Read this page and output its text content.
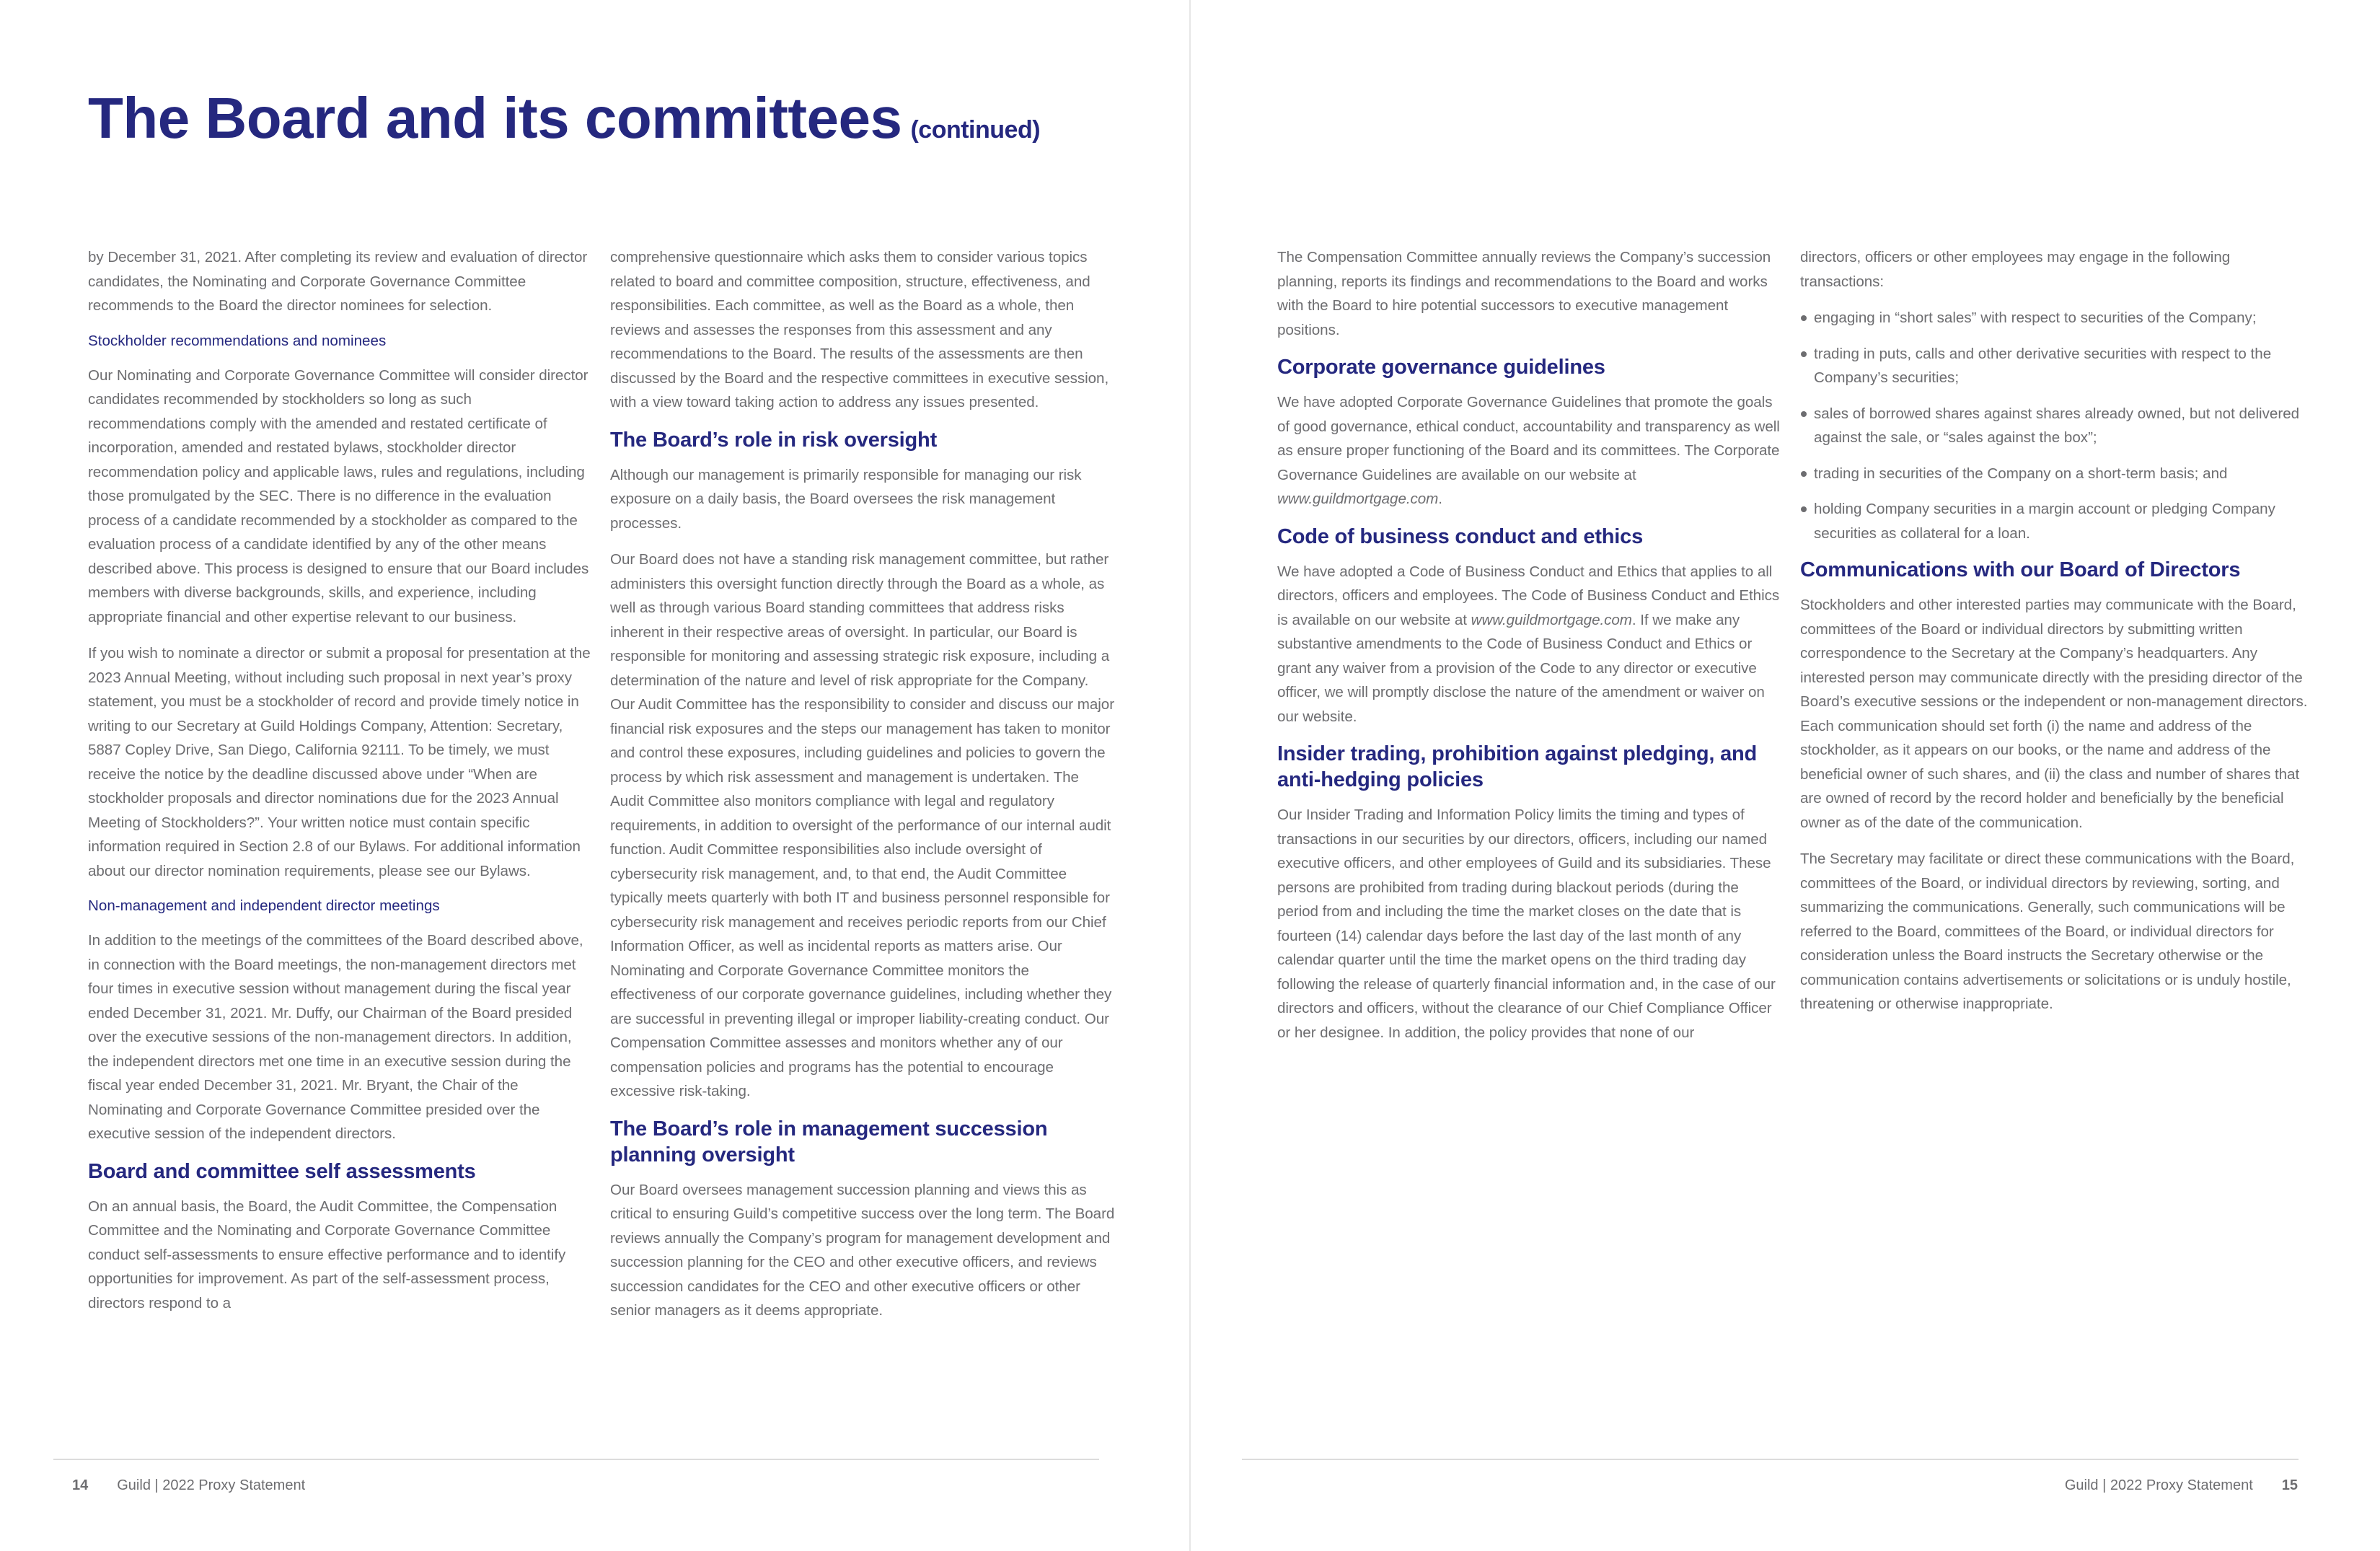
The Board and its committees (continued)

by December 31, 2021. After completing its review and evaluation of director candidates, the Nominating and Corporate Governance Committee recommends to the Board the director nominees for selection.

Stockholder recommendations and nominees

Our Nominating and Corporate Governance Committee will consider director candidates recommended by stockholders so long as such recommendations comply with the amended and restated certificate of incorporation, amended and restated bylaws, stockholder director recommendation policy and applicable laws, rules and regulations, including those promulgated by the SEC. There is no difference in the evaluation process of a candidate recommended by a stockholder as compared to the evaluation process of a candidate identified by any of the other means described above. This process is designed to ensure that our Board includes members with diverse backgrounds, skills, and experience, including appropriate financial and other expertise relevant to our business.

If you wish to nominate a director or submit a proposal for presentation at the 2023 Annual Meeting, without including such proposal in next year’s proxy statement, you must be a stockholder of record and provide timely notice in writing to our Secretary at Guild Holdings Company, Attention: Secretary, 5887 Copley Drive, San Diego, California 92111. To be timely, we must receive the notice by the deadline discussed above under “When are stockholder proposals and director nominations due for the 2023 Annual Meeting of Stockholders?”. Your written notice must contain specific information required in Section 2.8 of our Bylaws. For additional information about our director nomination requirements, please see our Bylaws.

Non-management and independent director meetings

In addition to the meetings of the committees of the Board described above, in connection with the Board meetings, the non-management directors met four times in executive session without management during the fiscal year ended December 31, 2021. Mr. Duffy, our Chairman of the Board presided over the executive sessions of the non-management directors. In addition, the independent directors met one time in an executive session during the fiscal year ended December 31, 2021. Mr. Bryant, the Chair of the Nominating and Corporate Governance Committee presided over the executive session of the independent directors.

Board and committee self assessments

On an annual basis, the Board, the Audit Committee, the Compensation Committee and the Nominating and Corporate Governance Committee conduct self-assessments to ensure effective performance and to identify opportunities for improvement. As part of the self-assessment process, directors respond to a

comprehensive questionnaire which asks them to consider various topics related to board and committee composition, structure, effectiveness, and responsibilities. Each committee, as well as the Board as a whole, then reviews and assesses the responses from this assessment and any recommendations to the Board. The results of the assessments are then discussed by the Board and the respective committees in executive session, with a view toward taking action to address any issues presented.

The Board’s role in risk oversight

Although our management is primarily responsible for managing our risk exposure on a daily basis, the Board oversees the risk management processes.

Our Board does not have a standing risk management committee, but rather administers this oversight function directly through the Board as a whole, as well as through various Board standing committees that address risks inherent in their respective areas of oversight. In particular, our Board is responsible for monitoring and assessing strategic risk exposure, including a determination of the nature and level of risk appropriate for the Company. Our Audit Committee has the responsibility to consider and discuss our major financial risk exposures and the steps our management has taken to monitor and control these exposures, including guidelines and policies to govern the process by which risk assessment and management is undertaken. The Audit Committee also monitors compliance with legal and regulatory requirements, in addition to oversight of the performance of our internal audit function. Audit Committee responsibilities also include oversight of cybersecurity risk management, and, to that end, the Audit Committee typically meets quarterly with both IT and business personnel responsible for cybersecurity risk management and receives periodic reports from our Chief Information Officer, as well as incidental reports as matters arise. Our Nominating and Corporate Governance Committee monitors the effectiveness of our corporate governance guidelines, including whether they are successful in preventing illegal or improper liability-creating conduct. Our Compensation Committee assesses and monitors whether any of our compensation policies and programs has the potential to encourage excessive risk-taking.

The Board’s role in management succession planning oversight

Our Board oversees management succession planning and views this as critical to ensuring Guild’s competitive success over the long term. The Board reviews annually the Company’s program for management development and succession planning for the CEO and other executive officers, and reviews succession candidates for the CEO and other executive officers or other senior managers as it deems appropriate.

The Compensation Committee annually reviews the Company’s succession planning, reports its findings and recommendations to the Board and works with the Board to hire potential successors to executive management positions.

Corporate governance guidelines

We have adopted Corporate Governance Guidelines that promote the goals of good governance, ethical conduct, accountability and transparency as well as ensure proper functioning of the Board and its committees. The Corporate Governance Guidelines are available on our website at www.guildmortgage.com.

Code of business conduct and ethics

We have adopted a Code of Business Conduct and Ethics that applies to all directors, officers and employees. The Code of Business Conduct and Ethics is available on our website at www.guildmortgage.com. If we make any substantive amendments to the Code of Business Conduct and Ethics or grant any waiver from a provision of the Code to any director or executive officer, we will promptly disclose the nature of the amendment or waiver on our website.

Insider trading, prohibition against pledging, and anti-hedging policies

Our Insider Trading and Information Policy limits the timing and types of transactions in our securities by our directors, officers, including our named executive officers, and other employees of Guild and its subsidiaries. These persons are prohibited from trading during blackout periods (during the period from and including the time the market closes on the date that is fourteen (14) calendar days before the last day of the last month of any calendar quarter until the time the market opens on the third trading day following the release of quarterly financial information and, in the case of our directors and officers, without the clearance of our Chief Compliance Officer or her designee. In addition, the policy provides that none of our

directors, officers or other employees may engage in the following transactions:

engaging in “short sales” with respect to securities of the Company;
trading in puts, calls and other derivative securities with respect to the Company’s securities;
sales of borrowed shares against shares already owned, but not delivered against the sale, or “sales against the box”;
trading in securities of the Company on a short-term basis; and
holding Company securities in a margin account or pledging Company securities as collateral for a loan.
Communications with our Board of Directors

Stockholders and other interested parties may communicate with the Board, committees of the Board or individual directors by submitting written correspondence to the Secretary at the Company’s headquarters. Any interested person may communicate directly with the presiding director of the Board’s executive sessions or the independent or non-management directors. Each communication should set forth (i) the name and address of the stockholder, as it appears on our books, or the name and address of the beneficial owner of such shares, and (ii) the class and number of shares that are owned of record by the record holder and beneficially by the beneficial owner as of the date of the communication.

The Secretary may facilitate or direct these communications with the Board, committees of the Board, or individual directors by reviewing, sorting, and summarizing the communications. Generally, such communications will be referred to the Board, committees of the Board, or individual directors for consideration unless the Board instructs the Secretary otherwise or the communication contains advertisements or solicitations or is unduly hostile, threatening or otherwise inappropriate.

14 Guild | 2022 Proxy Statement	Guild | 2022 Proxy Statement 15
